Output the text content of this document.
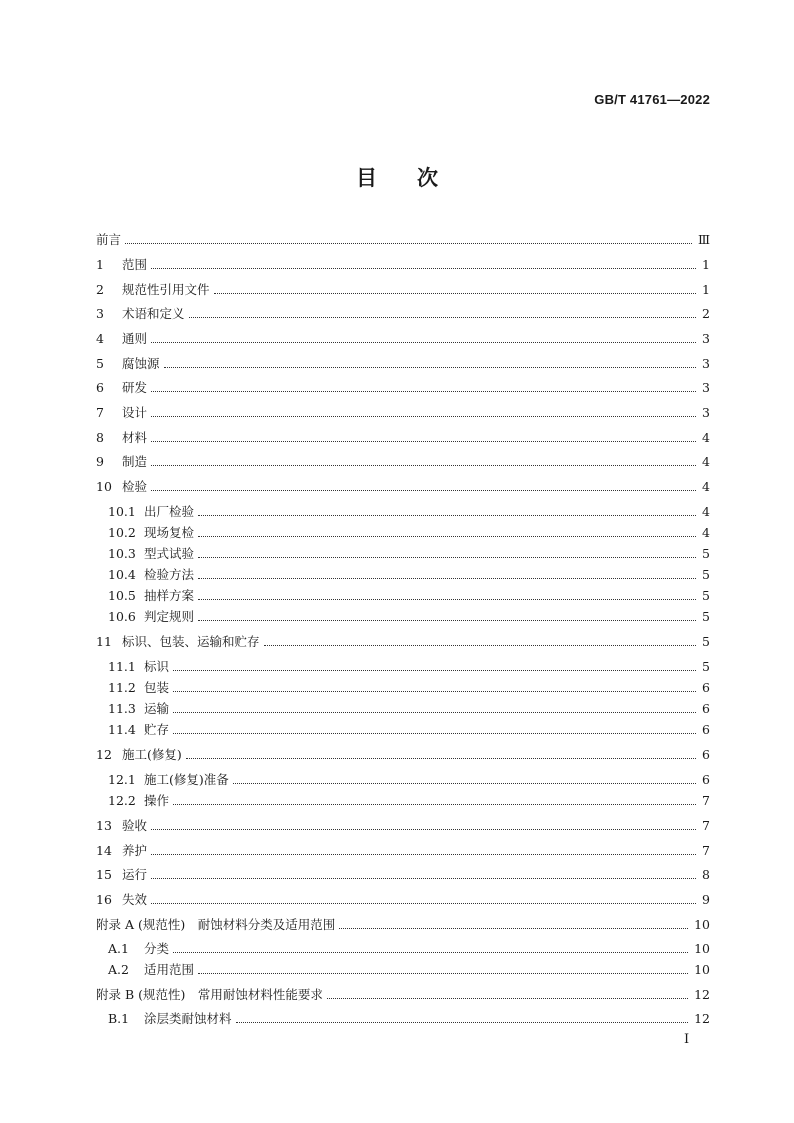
GB/T 41761—2022
目 次
前言	Ⅲ
1	范围	1
2	规范性引用文件	1
3	术语和定义	2
4	通则	3
5	腐蚀源	3
6	研发	3
7	设计	3
8	材料	4
9	制造	4
10 检验	4
10.1 出厂检验	4
10.2 现场复检	4
10.3 型式试验	5
10.4 检验方法	5
10.5 抽样方案	5
10.6 判定规则	5
11 标识、包装、运输和贮存	5
11.1 标识	5
11.2 包装	6
11.3 运输	6
11.4 贮存	6
12 施工(修复)	6
12.1 施工(修复)准备	6
12.2 操作	7
13 验收	7
14 养护	7
15 运行	8
16 失效	9
附录 A (规范性)　耐蚀材料分类及适用范围	10
A.1	分类	10
A.2	适用范围	10
附录 B (规范性)　常用耐蚀材料性能要求	12
B.1	涂层类耐蚀材料	12
I
